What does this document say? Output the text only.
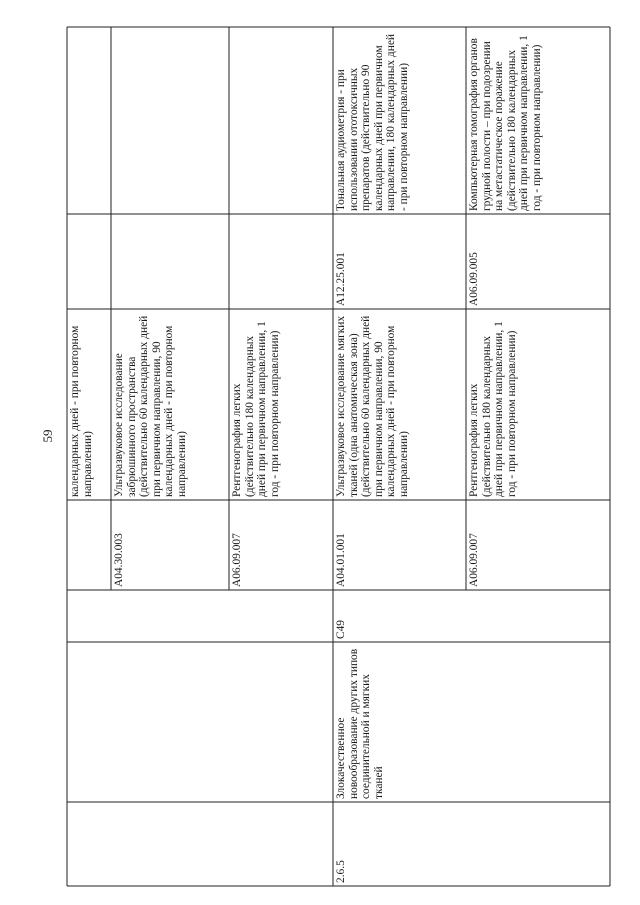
59 календарных дней - при повторном направлении)
A04.30.003
Ультразвуковое исследование забрюшинного пространства (действительно 60 календарных дней при первичном направлении, 90 календарных дней - при повторном направлении)
A06.09.007
Рентгенография легких (действительно 180 календарных дней при первичном направлении, 1 год - при повторном направлении)
2.6.5
Злокачественное новообразование других типов соединительной и мягких тканей
C49
A04.01.001
Ультразвуковое исследование мягких тканей (одна анатомическая зона) (действительно 60 календарных дней при первичном направлении, 90 календарных дней - при повторном направлении)
A12.25.001
Тональная аудиометрия - при использовании ототоксичных препаратов (действительно 90 календарных дней при первичном направлении, 180 календарных дней - при повторном направлении)
A06.09.007
Рентгенография легких (действительно 180 календарных дней при первичном направлении, 1 год - при повторном направлении)
A06.09.005
Компьютерная томография органов грудной полости – при подозрении на метастатическое поражение (действительно 180 календарных дней при первичном направлении, 1 год - при повторном направлении)
